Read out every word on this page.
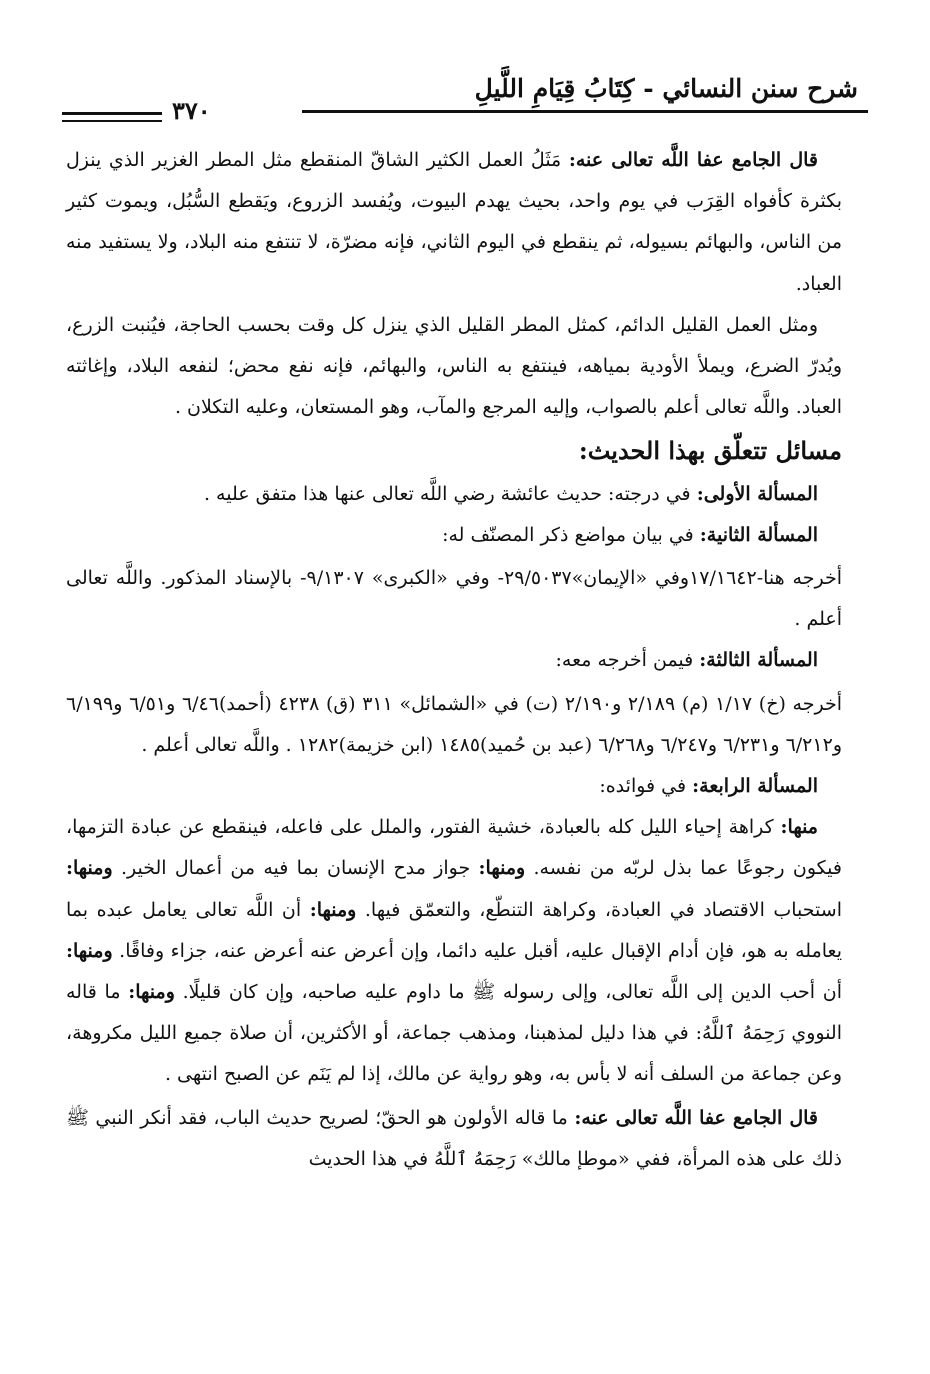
شرح سنن النسائي - كِتَابُ قِيَامِ اللَّيلِ
٣٧٠

قال الجامع عفا اللَّه تعالى عنه: مَثَلُ العمل الكثير الشاقّ المنقطع مثل المطر الغزير الذي ينزل بكثرة كأفواه القِرَب في يوم واحد، بحيث يهدم البيوت، ويُفسد الزروع، ويَقطع السُّبُل، ويموت كثير من الناس، والبهائم بسيوله، ثم ينقطع في اليوم الثاني، فإنه مضرّة، لا تنتفع منه البلاد، ولا يستفيد منه العباد.

ومثل العمل القليل الدائم، كمثل المطر القليل الذي ينزل كل وقت بحسب الحاجة، فيُنبت الزرع، ويُدرّ الضرع، ويملأ الأودية بمياهه، فينتفع به الناس، والبهائم، فإنه نفع محض؛ لنفعه البلاد، وإغاثته العباد. واللَّه تعالى أعلم بالصواب، وإليه المرجع والمآب، وهو المستعان، وعليه التكلان .

مسائل تتعلّق بهذا الحديث:

المسألة الأولى: في درجته: حديث عائشة رضي اللَّه تعالى عنها هذا متفق عليه .

المسألة الثانية: في بيان مواضع ذكر المصنّف له:

أخرجه هنا-١٧/١٦٤٢وفي «الإيمان»٢٩/٥٠٣٧- وفي «الكبرى» ٩/١٣٠٧- بالإسناد المذكور. واللَّه تعالى أعلم .

المسألة الثالثة: فيمن أخرجه معه:

أخرجه (خ) ١/١٧ (م) ٢/١٨٩ و٢/١٩٠ (ت) في «الشمائل» ٣١١ (ق) ٤٢٣٨ (أحمد)٦/٤٦ و٦/٥١ و٦/١٩٩ و٦/٢١٢ و٦/٢٣١ و٦/٢٤٧ و٦/٢٦٨ (عبد بن حُميد)١٤٨٥ (ابن خزيمة)١٢٨٢ . واللَّه تعالى أعلم .

المسألة الرابعة: في فوائده:

منها: كراهة إحياء الليل كله بالعبادة، خشية الفتور، والملل على فاعله، فينقطع عن عبادة التزمها، فيكون رجوعًا عما بذل لربّه من نفسه. ومنها: جواز مدح الإنسان بما فيه من أعمال الخير. ومنها: استحباب الاقتصاد في العبادة، وكراهة التنطّع، والتعمّق فيها. ومنها: أن اللَّه تعالى يعامل عبده بما يعامله به هو، فإن أدام الإقبال عليه، أقبل عليه دائما، وإن أعرض عنه أعرض عنه، جزاء وفاقًا. ومنها: أن أحب الدين إلى اللَّه تعالى، وإلى رسوله ﷺ ما داوم عليه صاحبه، وإن كان قليلًا. ومنها: ما قاله النووي رَحِمَهُ ٱللَّهُ: في هذا دليل لمذهبنا، ومذهب جماعة، أو الأكثرين، أن صلاة جميع الليل مكروهة، وعن جماعة من السلف أنه لا بأس به، وهو رواية عن مالك، إذا لم يَنَم عن الصبح انتهى .

قال الجامع عفا اللَّه تعالى عنه: ما قاله الأولون هو الحقّ؛ لصريح حديث الباب، فقد أنكر النبي ﷺ ذلك على هذه المرأة، ففي «موطإ مالك» رَحِمَهُ ٱللَّهُ في هذا الحديث
